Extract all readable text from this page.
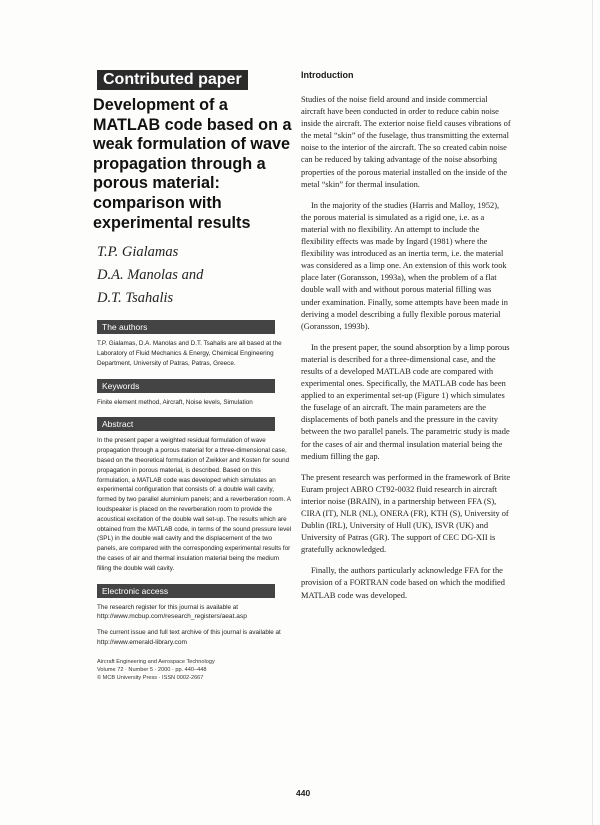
Contributed paper
Development of a MATLAB code based on a weak formulation of wave propagation through a porous material: comparison with experimental results
T.P. Gialamas
D.A. Manolas and
D.T. Tsahalis
The authors
T.P. Gialamas, D.A. Manolas and D.T. Tsahalis are all based at the Laboratory of Fluid Mechanics & Energy, Chemical Engineering Department, University of Patras, Patras, Greece.
Keywords
Finite element method, Aircraft, Noise levels, Simulation
Abstract
In the present paper a weighted residual formulation of wave propagation through a porous material for a three-dimensional case, based on the theoretical formulation of Zwikker and Kosten for sound propagation in porous material, is described. Based on this formulation, a MATLAB code was developed which simulates an experimental configuration that consists of: a double wall cavity, formed by two parallel aluminium panels; and a reverberation room. A loudspeaker is placed on the reverberation room to provide the acoustical excitation of the double wall set-up. The results which are obtained from the MATLAB code, in terms of the sound pressure level (SPL) in the double wall cavity and the displacement of the two panels, are compared with the corresponding experimental results for the cases of air and thermal insulation material being the medium filling the double wall cavity.
Electronic access
The research register for this journal is available at
http://www.mcbup.com/research_registers/aeat.asp
The current issue and full text archive of this journal is available at
http://www.emerald-library.com
Aircraft Engineering and Aerospace Technology
Volume 72 · Number 5 · 2000 · pp. 440–448
© MCB University Press · ISSN 0002-2667
Introduction

Studies of the noise field around and inside commercial aircraft have been conducted in order to reduce cabin noise inside the aircraft. The exterior noise field causes vibrations of the metal “skin” of the fuselage, thus transmitting the external noise to the interior of the aircraft. The so created cabin noise can be reduced by taking advantage of the noise absorbing properties of the porous material installed on the inside of the metal “skin” for thermal insulation.

In the majority of the studies (Harris and Malloy, 1952), the porous material is simulated as a rigid one, i.e. as a material with no flexibility. An attempt to include the flexibility effects was made by Ingard (1981) where the flexibility was introduced as an inertia term, i.e. the material was considered as a limp one. An extension of this work took place later (Goransson, 1993a), when the problem of a flat double wall with and without porous material filling was under examination. Finally, some attempts have been made in deriving a model describing a fully flexible porous material (Goransson, 1993b).

In the present paper, the sound absorption by a limp porous material is described for a three-dimensional case, and the results of a developed MATLAB code are compared with experimental ones. Specifically, the MATLAB code has been applied to an experimental set-up (Figure 1) which simulates the fuselage of an aircraft. The main parameters are the displacements of both panels and the pressure in the cavity between the two parallel panels. The parametric study is made for the cases of air and thermal insulation material being the medium filling the gap.

The present research was performed in the framework of Brite Euram project ABRO CT92-0032 fluid research in aircraft interior noise (BRAIN), in a partnership between FFA (S), CIRA (IT), NLR (NL), ONERA (FR), KTH (S), University of Dublin (IRL), University of Hull (UK), ISVR (UK) and University of Patras (GR). The support of CEC DG-XII is gratefully acknowledged.

Finally, the authors particularly acknowledge FFA for the provision of a FORTRAN code based on which the modified MATLAB code was developed.

440
